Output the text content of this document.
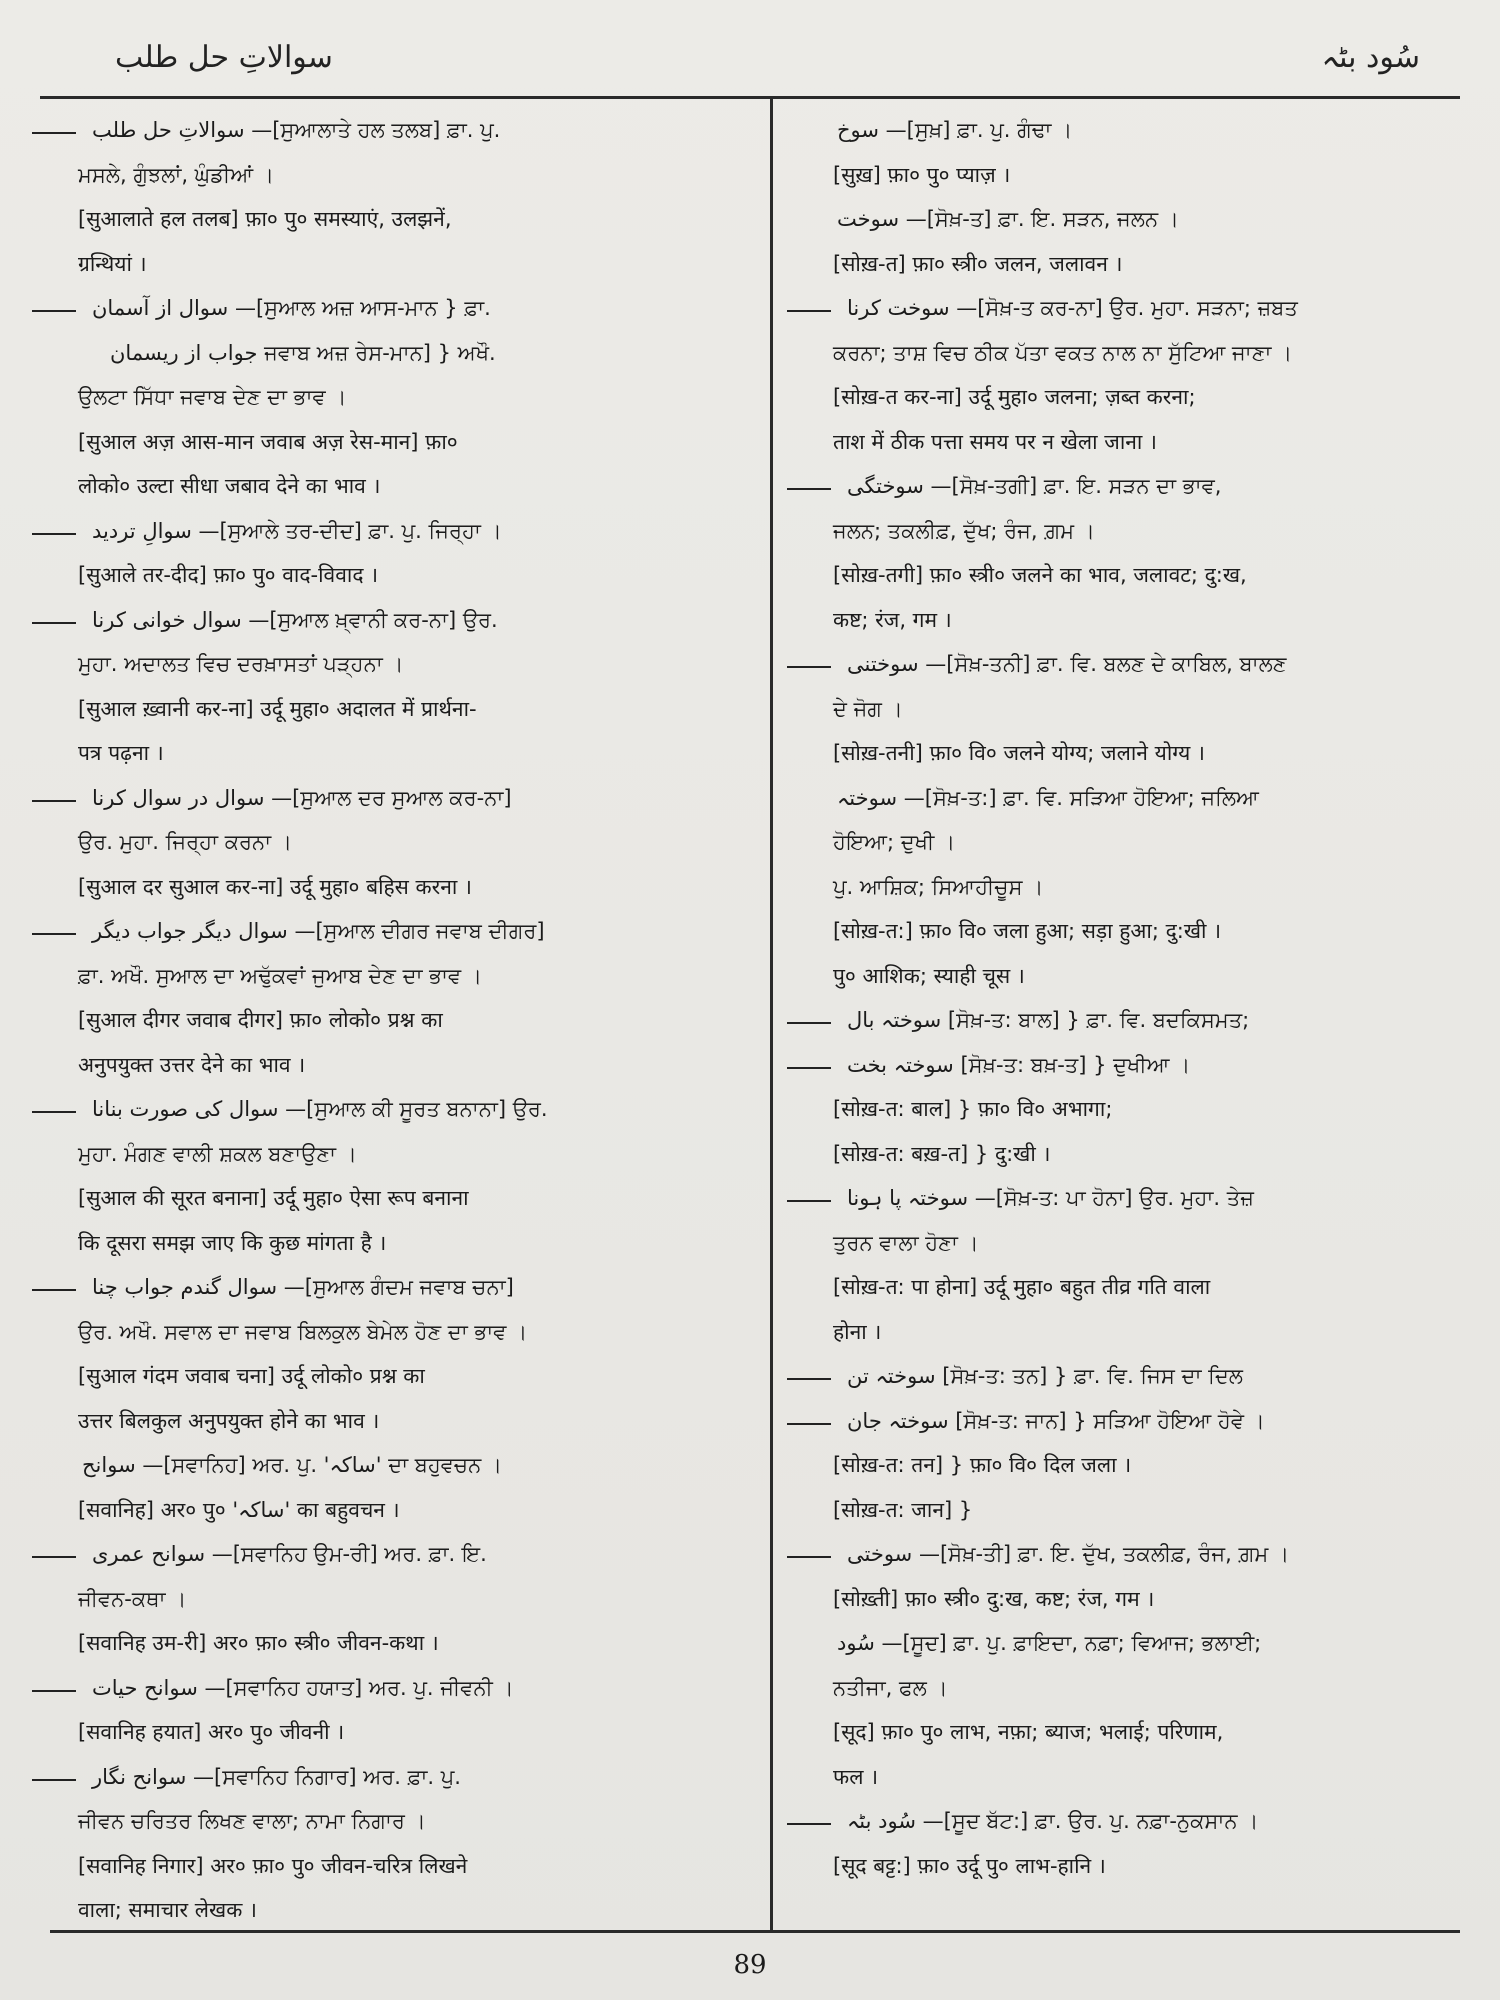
سوالاتِ حل طلب	سُود بٹہ
سوالاتِ حل طلب —[ਸੁਆਲਾਤੇ ਹਲ ਤਲਬ] ਫ਼ਾ. ਪੁ.
ਮਸਲੇ, ਗੁੰਝਲਾਂ, ਘੁੰਡੀਆਂ ।
[सुआलाते हल तलब] फ़ा० पु० समस्याएं, उलझनें,
ग्रन्थियां ।
سوال از آسمان —[ਸੁਆਲ ਅਜ਼ ਆਸ-ਮਾਨ } ਫ਼ਾ.
جواب از ریسمان ਜਵਾਬ ਅਜ਼ ਰੇਸ-ਮਾਨ] } ਅਖੌ.
ਉਲਟਾ ਸਿੱਧਾ ਜਵਾਬ ਦੇਣ ਦਾ ਭਾਵ ।
[सुआल अज़ आस-मान जवाब अज़ रेस-मान] फ़ा०
लोको० उल्टा सीधा जबाव देने का भाव ।
سوالِ تردید —[ਸੁਆਲੇ ਤਰ-ਦੀਦ] ਫ਼ਾ. ਪੁ. ਜਿਰ੍ਹਾ ।
[सुआले तर-दीद] फ़ा० पु० वाद-विवाद ।
سوال خوانی کرنا —[ਸੁਆਲ ਖ਼੍ਵਾਨੀ ਕਰ-ਨਾ] ਉਰ.
ਮੁਹਾ. ਅਦਾਲਤ ਵਿਚ ਦਰਖ਼ਾਸਤਾਂ ਪੜ੍ਹਨਾ ।
[सुआल ख़्वानी कर-ना] उर्दू मुहा० अदालत में प्रार्थना-
पत्र पढ़ना ।
سوال در سوال کرنا —[ਸੁਆਲ ਦਰ ਸੁਆਲ ਕਰ-ਨਾ]
ਉਰ. ਮੁਹਾ. ਜਿਰ੍ਹਾ ਕਰਨਾ ।
[सुआल दर सुआल कर-ना] उर्दू मुहा० बहिस करना ।
سوال دیگر جواب دیگر —[ਸੁਆਲ ਦੀਗਰ ਜਵਾਬ ਦੀਗਰ]
ਫ਼ਾ. ਅਖੌ. ਸੁਆਲ ਦਾ ਅਢੁੱਕਵਾਂ ਜੁਆਬ ਦੇਣ ਦਾ ਭਾਵ ।
[सुआल दीगर जवाब दीगर] फ़ा० लोको० प्रश्न का
अनुपयुक्त उत्तर देने का भाव ।
سوال کی صورت بنانا —[ਸੁਆਲ ਕੀ ਸੂਰਤ ਬਨਾਨਾ] ਉਰ.
ਮੁਹਾ. ਮੰਗਣ ਵਾਲੀ ਸ਼ਕਲ ਬਣਾਉਣਾ ।
[सुआल की सूरत बनाना] उर्दू मुहा० ऐसा रूप बनाना
कि दूसरा समझ जाए कि कुछ मांगता है ।
سوال گندم جواب چنا —[ਸੁਆਲ ਗੰਦਮ ਜਵਾਬ ਚਨਾ]
ਉਰ. ਅਖੌ. ਸਵਾਲ ਦਾ ਜਵਾਬ ਬਿਲਕੁਲ ਬੇਮੇਲ ਹੋਣ ਦਾ ਭਾਵ ।
[सुआल गंदम जवाब चना] उर्दू लोको० प्रश्न का
उत्तर बिलकुल अनुपयुक्त होने का भाव ।
سوانح —[ਸਵਾਨਿਹ] ਅਰ. ਪੁ. 'ساکہ' ਦਾ ਬਹੁਵਚਨ ।
[सवानिह] अर० पु० 'ساکہ' का बहुवचन ।
سوانح عمری —[ਸਵਾਨਿਹ ਉਮ-ਰੀ] ਅਰ. ਫ਼ਾ. ਇ.
ਜੀਵਨ-ਕਥਾ ।
[सवानिह उम-री] अर० फ़ा० स्त्री० जीवन-कथा ।
سوانح حیات —[ਸਵਾਨਿਹ ਹਯਾਤ] ਅਰ. ਪੁ. ਜੀਵਨੀ ।
[सवानिह हयात] अर० पु० जीवनी ।
سوانح نگار —[ਸਵਾਨਿਹ ਨਿਗਾਰ] ਅਰ. ਫ਼ਾ. ਪੁ.
ਜੀਵਨ ਚਰਿਤਰ ਲਿਖਣ ਵਾਲਾ; ਨਾਮਾ ਨਿਗਾਰ ।
[सवानिह निगार] अर० फ़ा० पु० जीवन-चरित्र लिखने
वाला; समाचार लेखक ।
سوخ —[ਸੁਖ਼] ਫ਼ਾ. ਪੁ. ਗੰਢਾ ।
[सुख़] फ़ा० पु० प्याज़ ।
سوخت —[ਸੋਖ਼-ਤ] ਫ਼ਾ. ਇ. ਸੜਨ, ਜਲਨ ।
[सोख़-त] फ़ा० स्त्री० जलन, जलावन ।
سوخت کرنا —[ਸੋਖ਼-ਤ ਕਰ-ਨਾ] ਉਰ. ਮੁਹਾ. ਸੜਨਾ; ਜ਼ਬਤ
ਕਰਨਾ; ਤਾਸ਼ ਵਿਚ ਠੀਕ ਪੱਤਾ ਵਕਤ ਨਾਲ ਨਾ ਸੁੱਟਿਆ ਜਾਣਾ ।
[सोख़-त कर-ना] उर्दू मुहा० जलना; ज़ब्त करना;
ताश में ठीक पत्ता समय पर न खेला जाना ।
سوختگی —[ਸੋਖ਼-ਤਗੀ] ਫ਼ਾ. ਇ. ਸੜਨ ਦਾ ਭਾਵ,
ਜਲਨ; ਤਕਲੀਫ਼, ਦੁੱਖ; ਰੰਜ, ਗ਼ਮ ।
[सोख़-तगी] फ़ा० स्त्री० जलने का भाव, जलावट; दु:ख,
कष्ट; रंज, गम ।
سوختنی —[ਸੋਖ਼-ਤਨੀ] ਫ਼ਾ. ਵਿ. ਬਲਣ ਦੇ ਕਾਬਿਲ, ਬਾਲਣ
ਦੇ ਜੋਗ ।
[सोख़-तनी] फ़ा० वि० जलने योग्य; जलाने योग्य ।
سوختہ —[ਸੋਖ਼-ਤ:] ਫ਼ਾ. ਵਿ. ਸੜਿਆ ਹੋਇਆ; ਜਲਿਆ
ਹੋਇਆ; ਦੁਖੀ ।
ਪੁ. ਆਸ਼ਿਕ; ਸਿਆਹੀਚੂਸ ।
[सोख़-त:] फ़ा० वि० जला हुआ; सड़ा हुआ; दु:खी ।
पु० आशिक; स्याही चूस ।
سوختہ بال [ਸੋਖ਼-ਤ: ਬਾਲ] } ਫ਼ਾ. ਵਿ. ਬਦਕਿਸਮਤ;
سوختہ بخت [ਸੋਖ਼-ਤ: ਬਖ਼-ਤ] } ਦੁਖੀਆ ।
[सोख़-त: बाल] } फ़ा० वि० अभागा;
[सोख़-त: बख़-त] } दु:खी ।
سوختہ پا ہونا —[ਸੋਖ਼-ਤ: ਪਾ ਹੋਨਾ] ਉਰ. ਮੁਹਾ. ਤੇਜ਼
ਤੁਰਨ ਵਾਲਾ ਹੋਣਾ ।
[सोख़-त: पा होना] उर्दू मुहा० बहुत तीव्र गति वाला
होना ।
سوختہ تن [ਸੋਖ਼-ਤ: ਤਨ] } ਫ਼ਾ. ਵਿ. ਜਿਸ ਦਾ ਦਿਲ
سوختہ جان [ਸੋਖ਼-ਤ: ਜਾਨ] } ਸੜਿਆ ਹੋਇਆ ਹੋਵੇ ।
[सोख़-त: तन] } फ़ा० वि० दिल जला ।
[सोख़-त: जान] }
سوختی —[ਸੋਖ਼-ਤੀ] ਫ਼ਾ. ਇ. ਦੁੱਖ, ਤਕਲੀਫ਼, ਰੰਜ, ਗ਼ਮ ।
[सोख़्ती] फ़ा० स्त्री० दु:ख, कष्ट; रंज, गम ।
سُود —[ਸੂਦ] ਫ਼ਾ. ਪੁ. ਫ਼ਾਇਦਾ, ਨਫ਼ਾ; ਵਿਆਜ; ਭਲਾਈ;
ਨਤੀਜਾ, ਫਲ ।
[सूद] फ़ा० पु० लाभ, नफ़ा; ब्याज; भलाई; परिणाम,
फल ।
سُود بٹہ —[ਸੂਦ ਬੱਟ:] ਫ਼ਾ. ਉਰ. ਪੁ. ਨਫ਼ਾ-ਨੁਕਸਾਨ ।
[सूद बट्ट:] फ़ा० उर्दू पु० लाभ-हानि ।
89
